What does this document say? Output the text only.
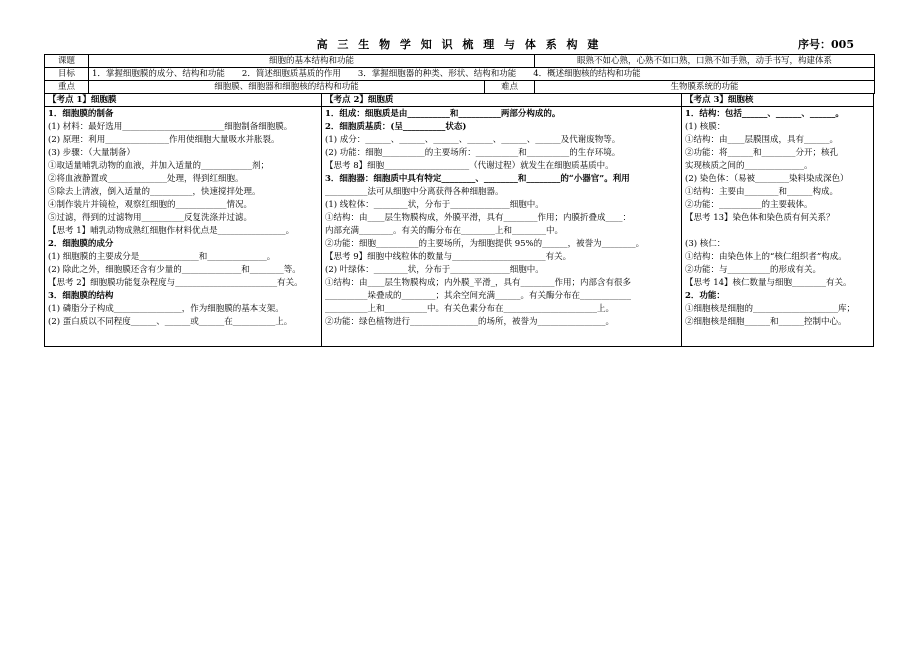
高 三 生 物 学 知 识 梳 理 与 体 系 构 建	序号：005
课题	细胞的基本结构和功能		眼熟不如心熟，心熟不如口熟，口熟不如手熟，动手书写，构建体系
目标	1．掌握细胞膜的成分、结构和功能　　2．简述细胞质基质的作用　　3．掌握细胞器的种类、形状、结构和功能　　4．概述细胞核的结构和功能		
重点	细胞膜、细胞器和细胞核的结构和功能	难点	生物膜系统的功能
【考点 1】细胞膜
1．细胞膜的制备
(1) 材料：最好选用________________________细胞制备细胞膜。
(2) 原理：利用_______________作用使细胞大量吸水并胀裂。
(3) 步骤：（大量制备）
①取适量哺乳动物的血液，并加入适量的____________剂；
②将血液静置或______________处理，得到红细胞。
⑤除去上清液，倒入适量的__________，快速搅拌处理。
④制作装片并镜检，观察红细胞的____________情况。
⑤过滤，得到的过滤物用__________反复洗涤并过滤。
【思考 1】哺乳动物成熟红细胞作材料优点是________________。
2．细胞膜的成分
(1) 细胞膜的主要成分是______________和______________。
(2) 除此之外，细胞膜还含有少量的______________和________等。
【思考 2】细胞膜功能复杂程度与________________________有关。
3．细胞膜的结构
(1) 磷脂分子构成________________，作为细胞膜的基本支架。
(2) 蛋白质以不同程度______、______或______在__________上。
【考点 2】细胞质
1．组成：细胞质是由__________和__________两部分构成的。
2．细胞质基质：(呈__________状态)
(1) 成分：______、______、______、______、______、______及代谢废物等。
(2) 功能：细胞__________的主要场所：__________和__________的生存环境。
【思考 8】细胞____________________（代谢过程）就发生在细胞质基质中。
3．细胞器：细胞质中具有特定________、________和________的“小器官”。利用
__________法可从细胞中分离获得各种细胞器。
(1) 线粒体：________状，分布于______________细胞中。
①结构：由____层生物膜构成，外膜平滑，具有________作用；内膜折叠成____：
内部充满________。有关的酶分布在________上和________中。
②功能：细胞__________的主要场所，为细胞提供 95%的______，被誉为________。
【思考 9】细胞中线粒体的数量与______________________有关。
(2) 叶绿体：________状，分布于______________细胞中。
①结构：由____层生物膜构成；内外膜_平滑_，具有________作用；内部含有很多
__________垛叠成的________；其余空间充满______。有关酶分布在____________
__________上和__________中。有关色素分布在______________________上。
②功能：绿色植物进行________________的场所，被誉为________________。
【考点 3】细胞核
1．结构：包括______、______、______。
(1) 核膜：
①结构：由____层膜围成，具有______。
②功能：将______和________分开；核孔
实现核质之间的______________。
(2) 染色体：（易被________染料染成深色）
①结构：主要由________和______构成。
②功能：__________的主要载体。
【思考 13】染色体和染色质有何关系？
(3) 核仁：
①结构：由染色体上的“核仁组织者”构成。
②功能：与__________的形成有关。
【思考 14】核仁数量与细胞________有关。
2．功能：
①细胞核是细胞的____________________库；
②细胞核是细胞______和______控制中心。
